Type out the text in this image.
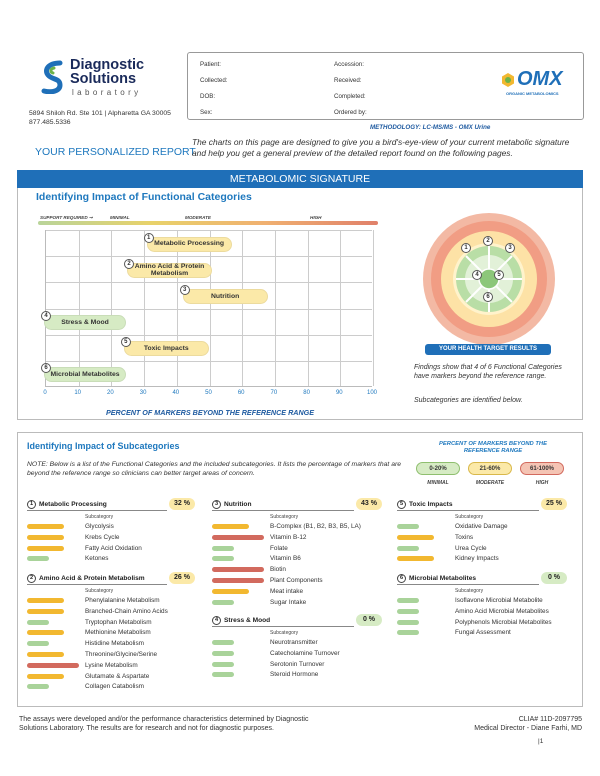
Diagnostic
Solutions
laboratory
5894 Shiloh Rd. Ste 101 | Alpharetta GA 30005
877.485.5336
Patient:
Collected:
DOB:
Sex:
Accession:
Received:
Completed:
Ordered by:
OMX
ORGANIC METABOLOMICS
METHODOLOGY: LC-MS/MS - OMX Urine
YOUR PERSONALIZED REPORT
The charts on this page are designed to give you a bird's-eye-view of your current metabolic signature and help you get a general preview of the detailed report found on the following pages.
METABOLOMIC SIGNATURE
Identifying Impact of Functional Categories
SUPPORT REQUIRED ➞	MINIMAL	MODERATE	HIGH
Metabolic Processing
1
Amino Acid & Protein Metabolism
2
Nutrition
3
Stress & Mood
4
Toxic Impacts
5
Microbial Metabolites
6
0	10	20	30	40	50	60	70	80	90	100
PERCENT OF MARKERS BEYOND THE REFERENCE RANGE
1
2
3
4	5
6
YOUR HEALTH TARGET RESULTS
Findings show that 4 of 6 Functional Categories have markers beyond the reference range.
Subcategories are identified below.
Identifying Impact of Subcategories
NOTE: Below is a list of the Functional Categories and the included subcategories. It lists the percentage of markers that are beyond the reference range so clinicians can better target areas of concern.
PERCENT OF MARKERS BEYOND THE REFERENCE RANGE
0-20%	21-60%	61-100%
MINIMAL	MODERATE	HIGH
1 Metabolic Processing	32 %
Subcategory
Glycolysis
Krebs Cycle
Fatty Acid Oxidation
Ketones
2 Amino Acid & Protein Metabolism	26 %
Subcategory
Phenylalanine Metabolism
Branched-Chain Amino Acids
Tryptophan Metabolism
Methionine Metabolism
Histidine Metabolism
Threonine/Glycine/Serine
Lysine Metabolism
Glutamate & Aspartate
Collagen Catabolism
3 Nutrition	43 %
Subcategory
B-Complex (B1, B2, B3, B5, LA)
Vitamin B-12
Folate
Vitamin B6
Biotin
Plant Components
Meat intake
Sugar Intake
4 Stress & Mood	0 %
Subcategory
Neurotransmitter
Catecholamine Turnover
Serotonin Turnover
Steroid Hormone
5 Toxic Impacts	25 %
Subcategory
Oxidative Damage
Toxins
Urea Cycle
Kidney Impacts
6 Microbial Metabolites	0 %
Subcategory
Isoflavone Microbial Metabolite
Amino Acid Microbial Metabolites
Polyphenols Microbial Metabolites
Fungal Assessment
The assays were developed and/or the performance characteristics determined by Diagnostic Solutions Laboratory. The results are for research and not for diagnostic purposes.
CLIA# 11D-2097795
Medical Director - Diane Farhi, MD
|1
